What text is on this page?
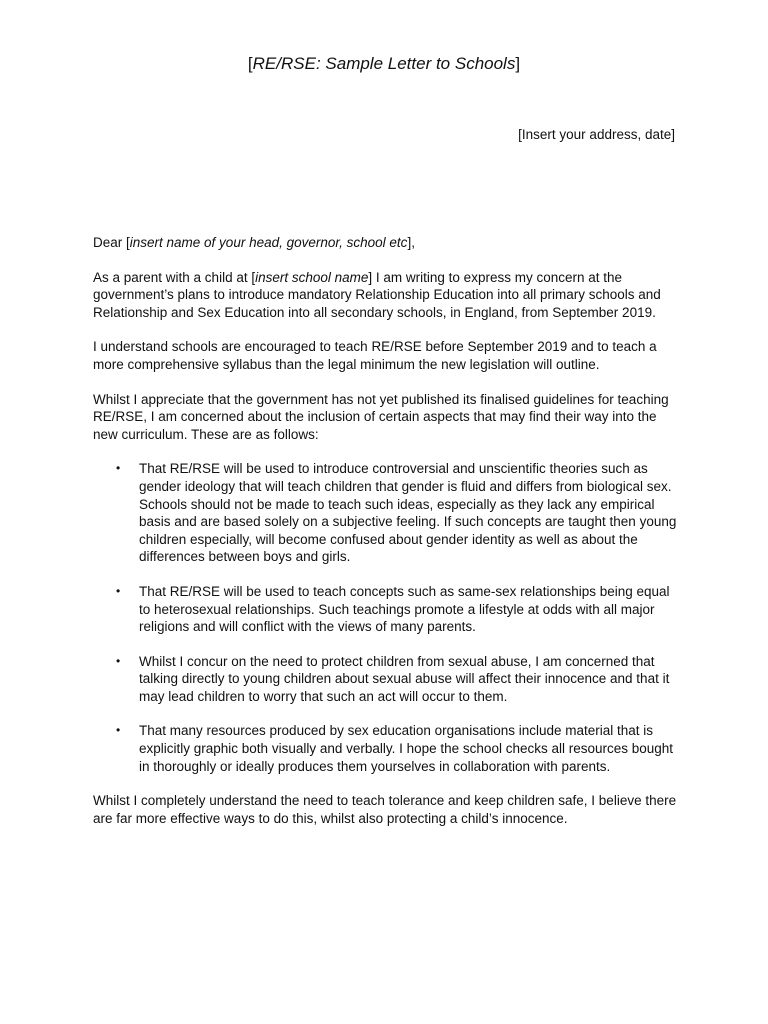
[RE/RSE: Sample Letter to Schools]
[Insert your address, date]

Dear [insert name of your head, governor, school etc],

As a parent with a child at [insert school name] I am writing to express my concern at the government’s plans to introduce mandatory Relationship Education into all primary schools and Relationship and Sex Education into all secondary schools, in England, from September 2019.

I understand schools are encouraged to teach RE/RSE before September 2019 and to teach a more comprehensive syllabus than the legal minimum the new legislation will outline.

Whilst I appreciate that the government has not yet published its finalised guidelines for teaching RE/RSE, I am concerned about the inclusion of certain aspects that may find their way into the new curriculum. These are as follows:

• That RE/RSE will be used to introduce controversial and unscientific theories such as gender ideology that will teach children that gender is fluid and differs from biological sex. Schools should not be made to teach such ideas, especially as they lack any empirical basis and are based solely on a subjective feeling. If such concepts are taught then young children especially, will become confused about gender identity as well as about the differences between boys and girls.
• That RE/RSE will be used to teach concepts such as same-sex relationships being equal to heterosexual relationships. Such teachings promote a lifestyle at odds with all major religions and will conflict with the views of many parents.
• Whilst I concur on the need to protect children from sexual abuse, I am concerned that talking directly to young children about sexual abuse will affect their innocence and that it may lead children to worry that such an act will occur to them.
• That many resources produced by sex education organisations include material that is explicitly graphic both visually and verbally. I hope the school checks all resources bought in thoroughly or ideally produces them yourselves in collaboration with parents.

Whilst I completely understand the need to teach tolerance and keep children safe, I believe there are far more effective ways to do this, whilst also protecting a child’s innocence.
